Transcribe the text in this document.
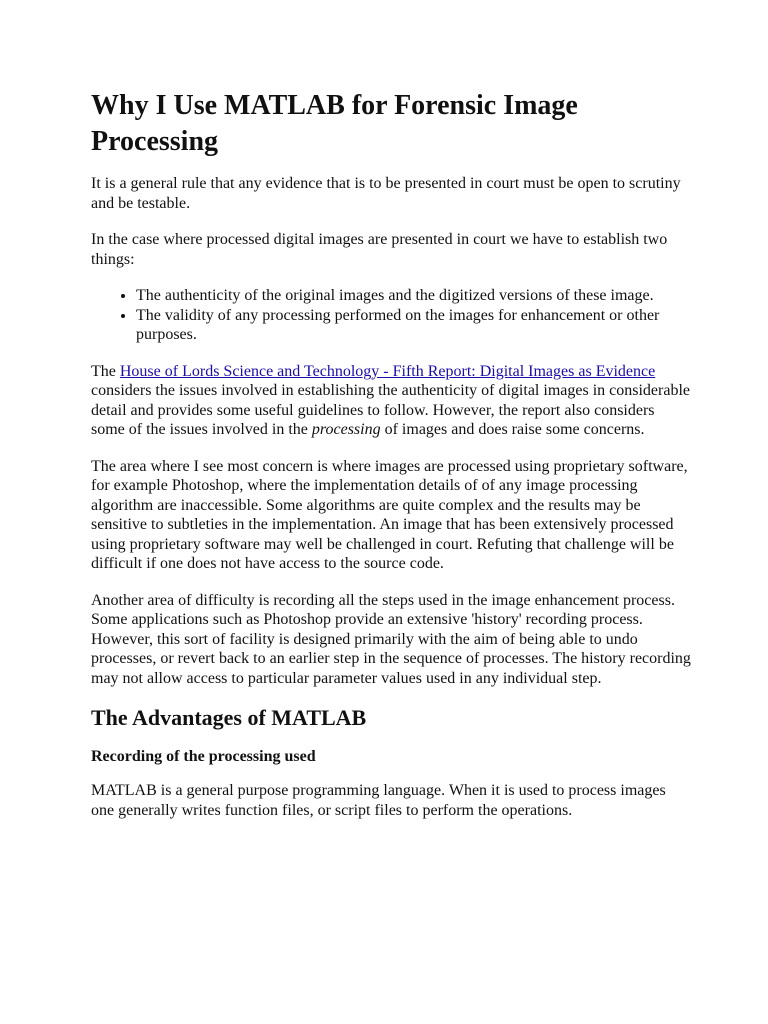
Why I Use MATLAB for Forensic Image Processing

It is a general rule that any evidence that is to be presented in court must be open to scrutiny and be testable.

In the case where processed digital images are presented in court we have to establish two things:

• The authenticity of the original images and the digitized versions of these image.
• The validity of any processing performed on the images for enhancement or other purposes.

The House of Lords Science and Technology - Fifth Report: Digital Images as Evidence considers the issues involved in establishing the authenticity of digital images in considerable detail and provides some useful guidelines to follow. However, the report also considers some of the issues involved in the processing of images and does raise some concerns.

The area where I see most concern is where images are processed using proprietary software, for example Photoshop, where the implementation details of of any image processing algorithm are inaccessible. Some algorithms are quite complex and the results may be sensitive to subtleties in the implementation. An image that has been extensively processed using proprietary software may well be challenged in court. Refuting that challenge will be difficult if one does not have access to the source code.

Another area of difficulty is recording all the steps used in the image enhancement process. Some applications such as Photoshop provide an extensive 'history' recording process. However, this sort of facility is designed primarily with the aim of being able to undo processes, or revert back to an earlier step in the sequence of processes. The history recording may not allow access to particular parameter values used in any individual step.

The Advantages of MATLAB
Recording of the processing used

MATLAB is a general purpose programming language. When it is used to process images one generally writes function files, or script files to perform the operations.
